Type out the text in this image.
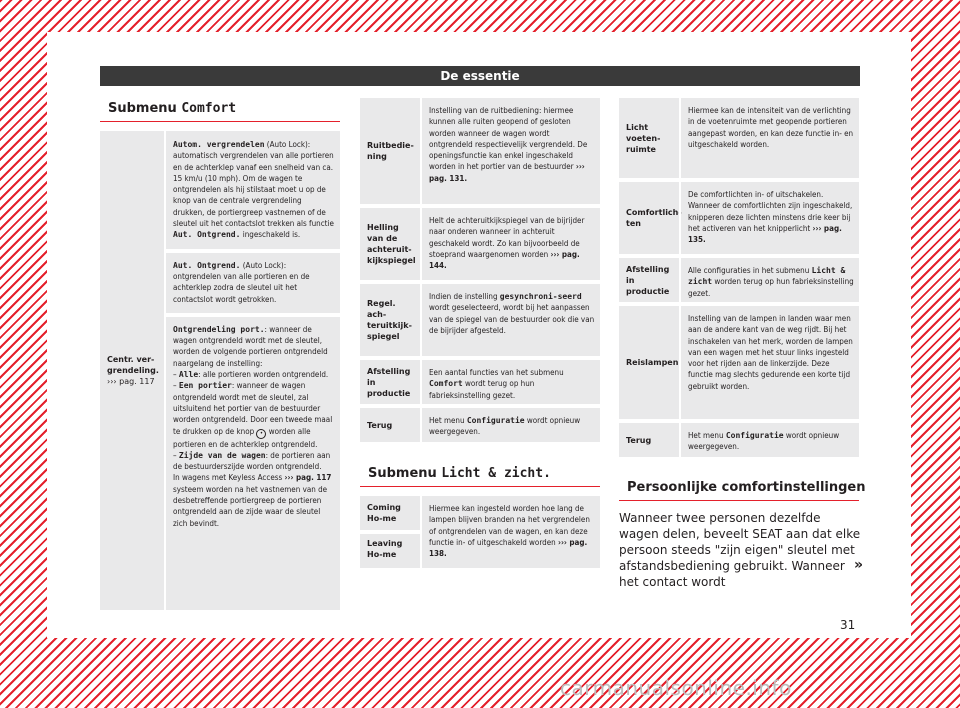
De essentie
Submenu Comfort
Centr. ver-grendeling.
››› pag. 117
Autom. vergrendelen (Auto Lock): automatisch vergrendelen van alle portieren en de achterklep vanaf een snelheid van ca. 15 km/u (10 mph). Om de wagen te ontgrendelen als hij stilstaat moet u op de knop van de centrale vergrendeling drukken, de portiergreep vastnemen of de sleutel uit het contactslot trekken als functie Aut. Ontgrend. ingeschakeld is.
Aut. Ontgrend. (Auto Lock): ontgrendelen van alle portieren en de achterklep zodra de sleutel uit het contactslot wordt getrokken.
Ontgrendeling port.: wanneer de wagen ontgrendeld wordt met de sleutel, worden de volgende portieren ontgrendeld naargelang de instelling:
– Alle: alle portieren worden ontgrendeld.
– Een portier: wanneer de wagen ontgrendeld wordt met de sleutel, zal uitsluitend het portier van de bestuurder worden ontgrendeld. Door een tweede maal te drukken op de knop • worden alle portieren en de achterklep ontgrendeld.
– Zijde van de wagen: de portieren aan de bestuurderszijde worden ontgrendeld.
In wagens met Keyless Access ››› pag. 117 systeem worden na het vastnemen van de desbetreffende portiergreep de portieren ontgrendeld aan de zijde waar de sleutel zich bevindt.
Ruitbedie-ning
Instelling van de ruitbediening: hiermee kunnen alle ruiten geopend of gesloten worden wanneer de wagen wordt ontgrendeld respectievelijk vergrendeld. De openingsfunctie kan enkel ingeschakeld worden in het portier van de bestuurder ››› pag. 131.
Helling van de achteruit-kijkspiegel
Helt de achteruitkijkspiegel van de bijrijder naar onderen wanneer in achteruit geschakeld wordt. Zo kan bijvoorbeeld de stoeprand waargenomen worden ››› pag. 144.
Regel. ach-teruitkijk-spiegel
Indien de instelling gesynchroni-seerd wordt geselecteerd, wordt bij het aanpassen van de spiegel van de bestuurder ook die van de bijrijder afgesteld.
Afstelling in productie
Een aantal functies van het submenu Comfort wordt terug op hun fabrieksinstelling gezet.
Terug	Het menu Configuratie wordt opnieuw weergegeven.
Submenu Licht & zicht.
Coming Ho-me
Leaving Ho-me
Hiermee kan ingesteld worden hoe lang de lampen blijven branden na het vergrendelen of ontgrendelen van de wagen, en kan deze functie in- of uitgeschakeld worden ››› pag. 138.
Licht voeten-ruimte
Hiermee kan de intensiteit van de verlichting in de voetenruimte met geopende portieren aangepast worden, en kan deze functie in- en uitgeschakeld worden.
Comfortlich-ten
De comfortlichten in- of uitschakelen. Wanneer de comfortlichten zijn ingeschakeld, knipperen deze lichten minstens drie keer bij het activeren van het knipperlicht ››› pag. 135.
Afstelling in productie
Alle configuraties in het submenu Licht & zicht worden terug op hun fabrieksinstelling gezet.
Reislampen
Instelling van de lampen in landen waar men aan de andere kant van de weg rijdt. Bij het inschakelen van het merk, worden de lampen van een wagen met het stuur links ingesteld voor het rijden aan de linkerzijde. Deze functie mag slechts gedurende een korte tijd gebruikt worden.
Terug	Het menu Configuratie wordt opnieuw weergegeven.
Persoonlijke comfortinstellingen
Wanneer twee personen dezelfde wagen delen, beveelt SEAT aan dat elke persoon steeds "zijn eigen" sleutel met afstandsbediening gebruikt. Wanneer het contact wordt
»
31
carmanualsonline.info
